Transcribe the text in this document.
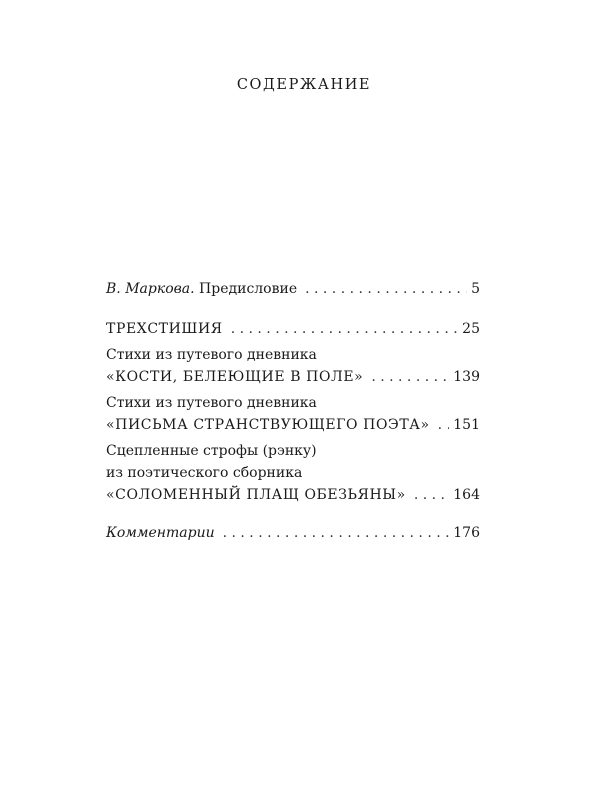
СОДЕРЖАНИЕ
В. Маркова. Предисловие . . .	5
ТРЕХСТИШИЯ . . .	25
Стихи из путевого дневника
«КОСТИ, БЕЛЕЮЩИЕ В ПОЛЕ» . . .	139
Стихи из путевого дневника
«ПИСЬМА СТРАНСТВУЮЩЕГО ПОЭТА» . . . 151
Сцепленные строфы (рэнку)
из поэтического сборника
«СОЛОМЕННЫЙ ПЛАЩ ОБЕЗЬЯНЫ» . . .	164
Комментарии . . .	176
